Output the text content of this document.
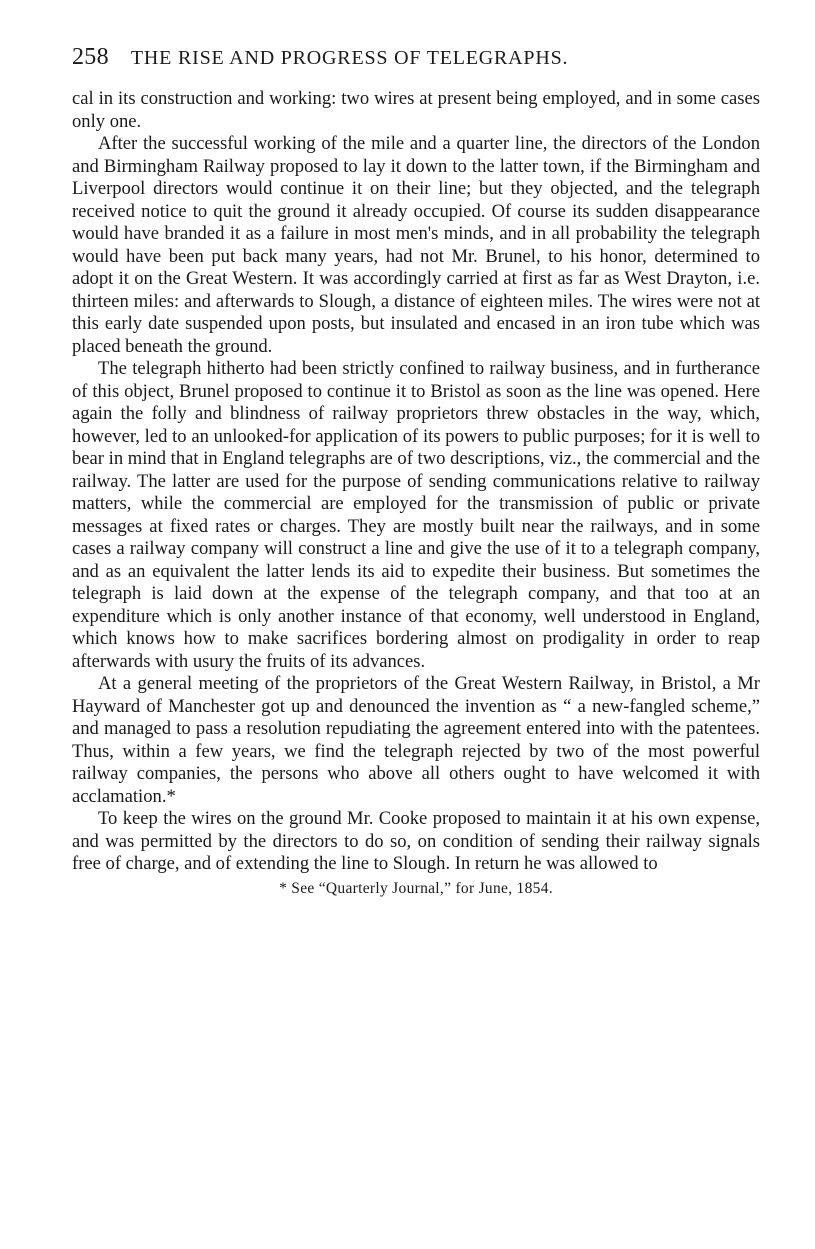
258 THE RISE AND PROGRESS OF TELEGRAPHS.

cal in its construction and working: two wires at present being employed, and in some cases only one.

After the successful working of the mile and a quarter line, the directors of the London and Birmingham Railway proposed to lay it down to the latter town, if the Birmingham and Liverpool directors would continue it on their line; but they objected, and the telegraph received notice to quit the ground it already occupied. Of course its sudden disappearance would have branded it as a failure in most men's minds, and in all probability the telegraph would have been put back many years, had not Mr. Brunel, to his honor, determined to adopt it on the Great Western. It was accordingly carried at first as far as West Drayton, i.e. thirteen miles: and afterwards to Slough, a distance of eighteen miles. The wires were not at this early date suspended upon posts, but insulated and encased in an iron tube which was placed beneath the ground.

The telegraph hitherto had been strictly confined to railway business, and in furtherance of this object, Brunel proposed to continue it to Bristol as soon as the line was opened. Here again the folly and blindness of railway proprietors threw obstacles in the way, which, however, led to an unlooked-for application of its powers to public purposes; for it is well to bear in mind that in England telegraphs are of two descriptions, viz., the commercial and the railway. The latter are used for the purpose of sending communications relative to railway matters, while the commercial are employed for the transmission of public or private messages at fixed rates or charges. They are mostly built near the railways, and in some cases a railway company will construct a line and give the use of it to a telegraph company, and as an equivalent the latter lends its aid to expedite their business. But sometimes the telegraph is laid down at the expense of the telegraph company, and that too at an expenditure which is only another instance of that economy, well understood in England, which knows how to make sacrifices bordering almost on prodigality in order to reap afterwards with usury the fruits of its advances.

At a general meeting of the proprietors of the Great Western Railway, in Bristol, a Mr Hayward of Manchester got up and denounced the invention as “ a new-fangled scheme,” and managed to pass a resolution repudiating the agreement entered into with the patentees. Thus, within a few years, we find the telegraph rejected by two of the most powerful railway companies, the persons who above all others ought to have welcomed it with acclamation.*

To keep the wires on the ground Mr. Cooke proposed to maintain it at his own expense, and was permitted by the directors to do so, on condition of sending their railway signals free of charge, and of extending the line to Slough. In return he was allowed to

* See “Quarterly Journal,” for June, 1854.
